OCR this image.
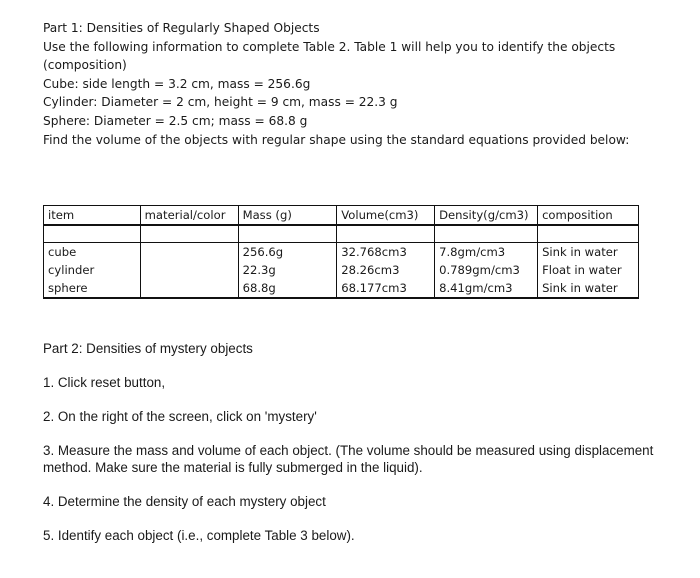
Part 1: Densities of Regularly Shaped Objects
Use the following information to complete Table 2. Table 1 will help you to identify the objects
(composition)
Cube: side length = 3.2 cm, mass = 256.6g
Cylinder: Diameter = 2 cm, height = 9 cm, mass = 22.3 g
Sphere: Diameter = 2.5 cm; mass = 68.8 g
Find the volume of the objects with regular shape using the standard equations provided below:
item	material/color	Mass (g)	Volume(cm3)	Density(g/cm3)	composition

cube		256.6g	32.768cm3	7.8gm/cm3	Sink in water
cylinder		22.3g	28.26cm3	0.789gm/cm3	Float in water
sphere		68.8g	68.177cm3	8.41gm/cm3	Sink in water

Part 2: Densities of mystery objects

1. Click reset button,

2. On the right of the screen, click on 'mystery'

3. Measure the mass and volume of each object. (The volume should be measured using displacement method. Make sure the material is fully submerged in the liquid).

4. Determine the density of each mystery object

5. Identify each object (i.e., complete Table 3 below).
